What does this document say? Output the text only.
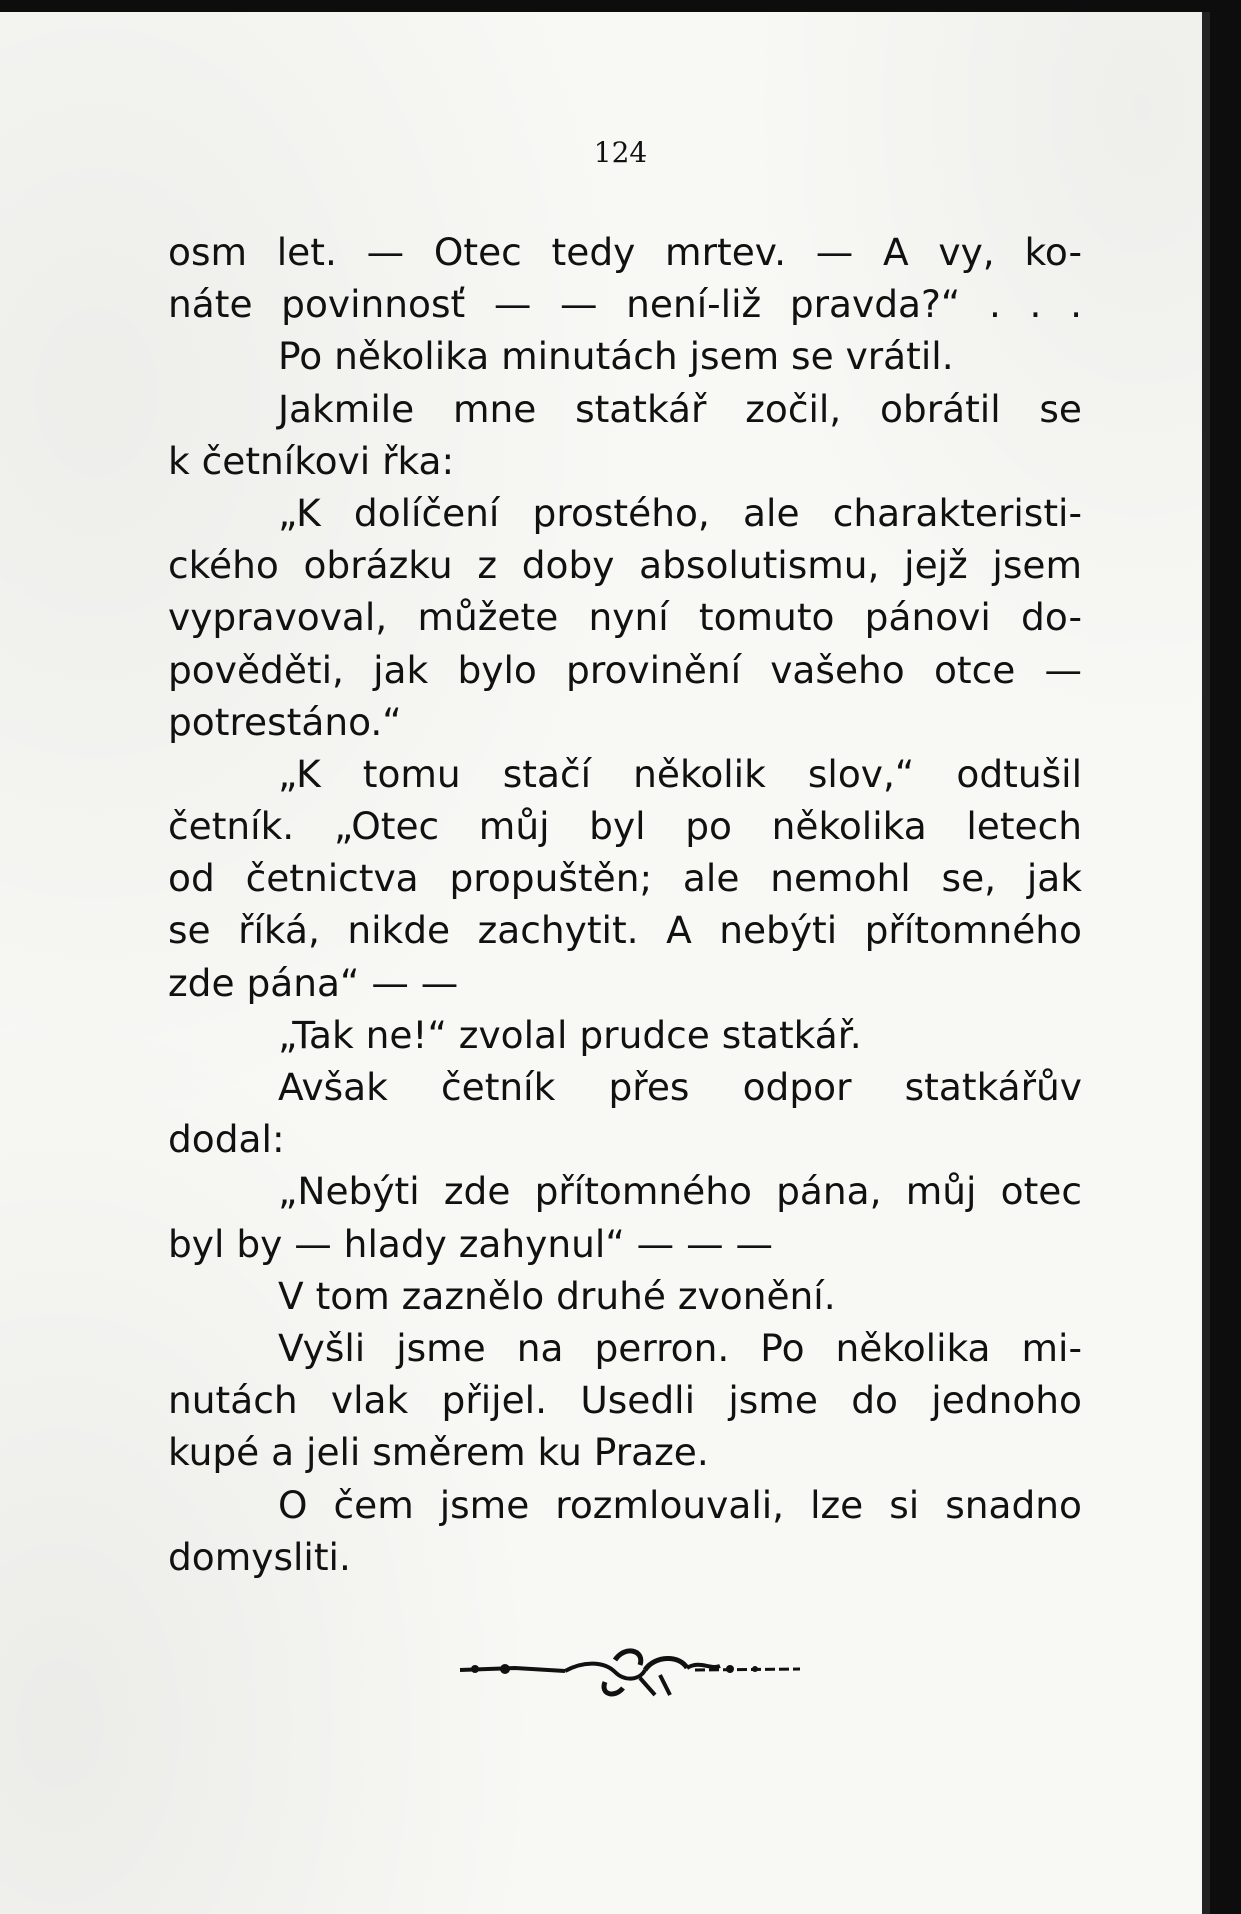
124
osm let. — Otec tedy mrtev. — A vy, ko-
náte povinnosť — — není-liž pravda?“ . . .
Po několika minutách jsem se vrátil.
Jakmile mne statkář zočil, obrátil se
k četníkovi řka:
„K dolíčení prostého, ale charakteristi-
ckého obrázku z doby absolutismu, jejž jsem
vypravoval, můžete nyní tomuto pánovi do-
pověděti, jak bylo provinění vašeho otce —
potrestáno.“
„K tomu stačí několik slov,“ odtušil
četník. „Otec můj byl po několika letech
od četnictva propuštěn; ale nemohl se, jak
se říká, nikde zachytit. A nebýti přítomného
zde pána“ — —
„Tak ne!“ zvolal prudce statkář.
Avšak četník přes odpor statkářův
dodal:
„Nebýti zde přítomného pána, můj otec
byl by — hlady zahynul“ — — —
V tom zaznělo druhé zvonění.
Vyšli jsme na perron. Po několika mi-
nutách vlak přijel. Usedli jsme do jednoho
kupé a jeli směrem ku Praze.
O čem jsme rozmlouvali, lze si snadno
domysliti.
